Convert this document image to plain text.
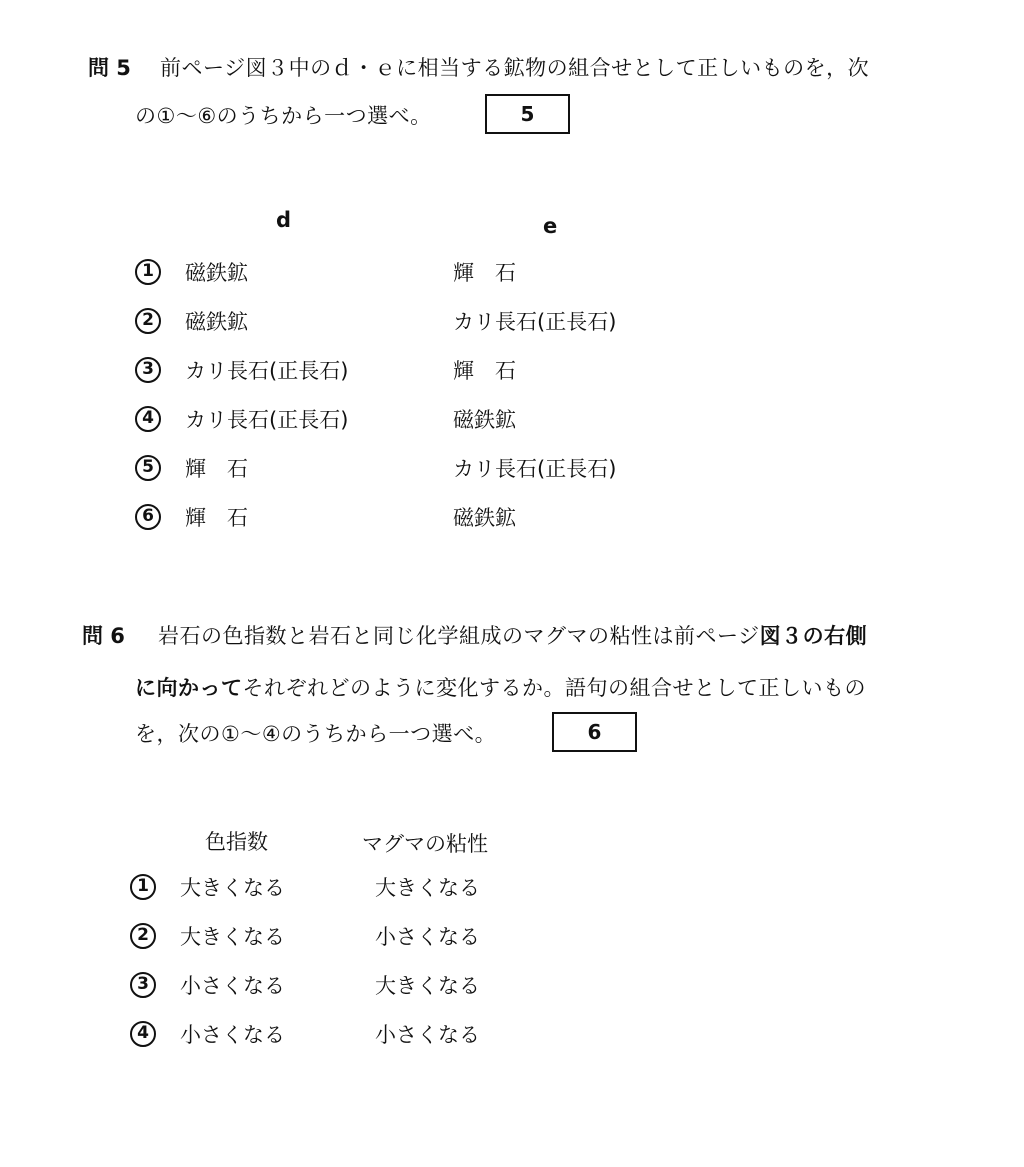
問 5 前ページ図３中のｄ・ｅに相当する鉱物の組合せとして正しいものを，次
の①〜⑥のうちから一つ選べ。	5
d	e
1	磁鉄鉱	輝　石
2	磁鉄鉱	カリ長石(正長石)
3	カリ長石(正長石)	輝　石
4	カリ長石(正長石)	磁鉄鉱
5	輝　石	カリ長石(正長石)
6	輝　石	磁鉄鉱
問 6 岩石の色指数と岩石と同じ化学組成のマグマの粘性は前ページ図３の右側
に向かってそれぞれどのように変化するか。語句の組合せとして正しいもの
を，次の①〜④のうちから一つ選べ。	6
色指数	マグマの粘性
1	大きくなる	大きくなる
2	大きくなる	小さくなる
3	小さくなる	大きくなる
4	小さくなる	小さくなる
